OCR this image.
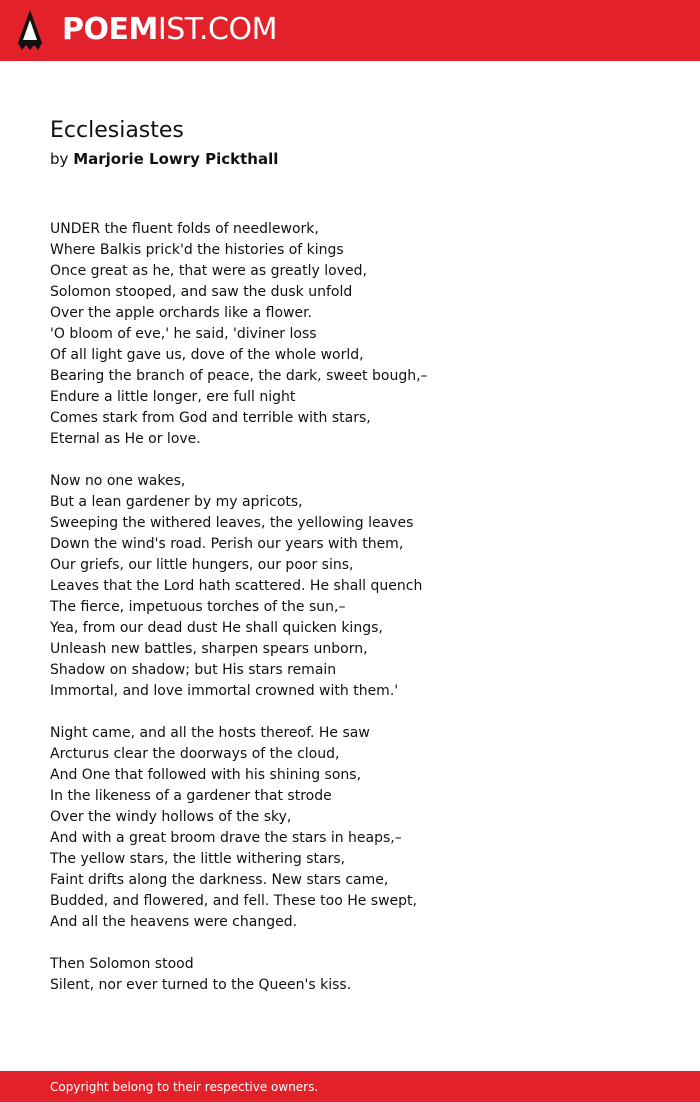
POEMIST.COM
Ecclesiastes
by Marjorie Lowry Pickthall
UNDER the fluent folds of needlework,
Where Balkis prick'd the histories of kings
Once great as he, that were as greatly loved,
Solomon stooped, and saw the dusk unfold
Over the apple orchards like a flower.
'O bloom of eve,' he said, 'diviner loss
Of all light gave us, dove of the whole world,
Bearing the branch of peace, the dark, sweet bough,–
Endure a little longer, ere full night
Comes stark from God and terrible with stars,
Eternal as He or love.
Now no one wakes,
But a lean gardener by my apricots,
Sweeping the withered leaves, the yellowing leaves
Down the wind's road. Perish our years with them,
Our griefs, our little hungers, our poor sins,
Leaves that the Lord hath scattered. He shall quench
The fierce, impetuous torches of the sun,–
Yea, from our dead dust He shall quicken kings,
Unleash new battles, sharpen spears unborn,
Shadow on shadow; but His stars remain
Immortal, and love immortal crowned with them.'
Night came, and all the hosts thereof. He saw
Arcturus clear the doorways of the cloud,
And One that followed with his shining sons,
In the likeness of a gardener that strode
Over the windy hollows of the sky,
And with a great broom drave the stars in heaps,–
The yellow stars, the little withering stars,
Faint drifts along the darkness. New stars came,
Budded, and flowered, and fell. These too He swept,
And all the heavens were changed.
Then Solomon stood
Silent, nor ever turned to the Queen's kiss.
Copyright belong to their respective owners.
